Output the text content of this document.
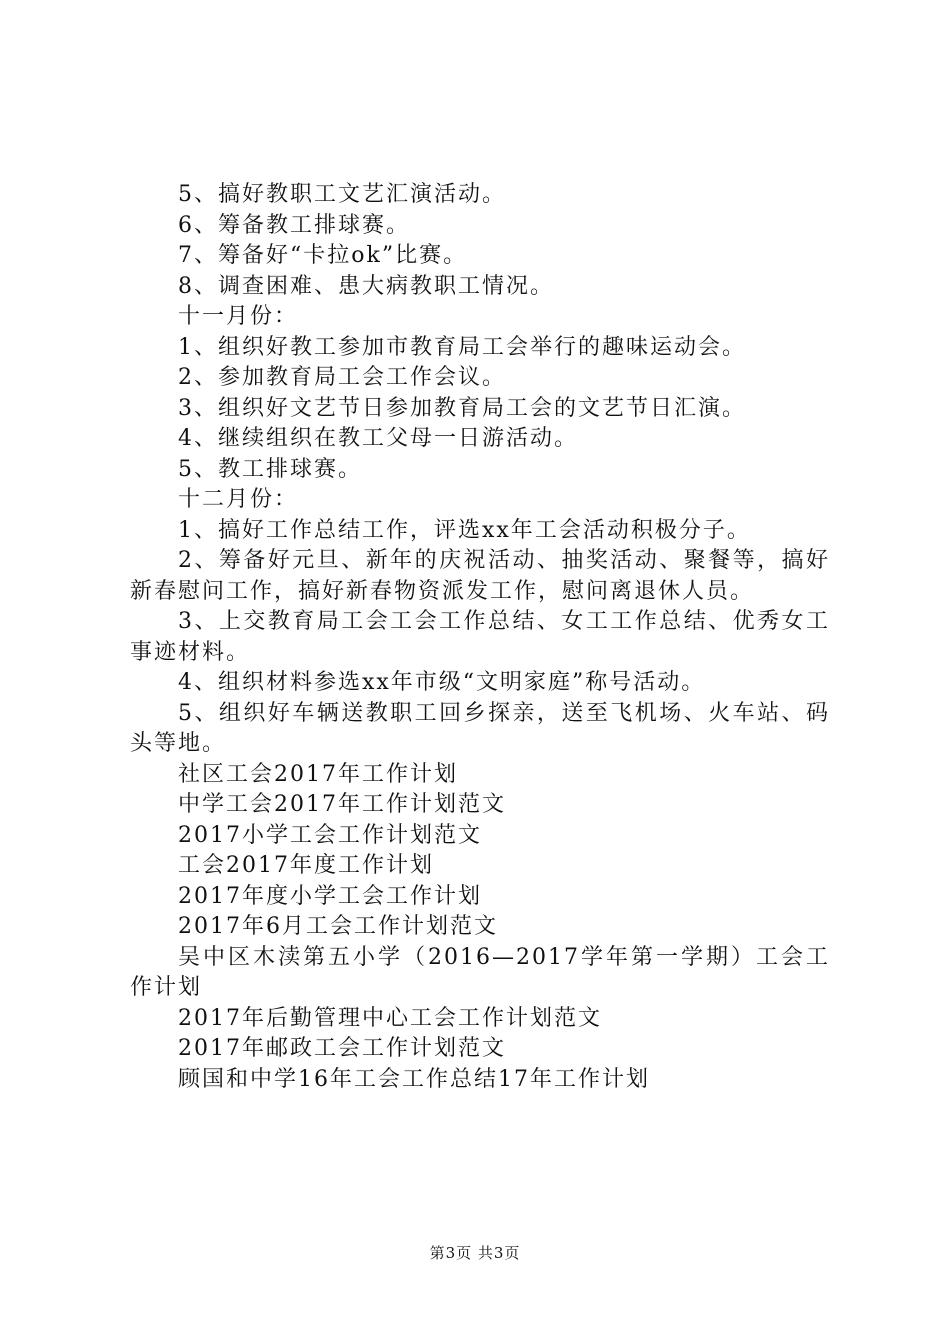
5、搞好教职工文艺汇演活动。

6、筹备教工排球赛。

7、筹备好“卡拉ok”比赛。

8、调查困难、患大病教职工情况。

十一月份：

1、组织好教工参加市教育局工会举行的趣味运动会。

2、参加教育局工会工作会议。

3、组织好文艺节日参加教育局工会的文艺节日汇演。

4、继续组织在教工父母一日游活动。

5、教工排球赛。

十二月份：

1、搞好工作总结工作，评选xx年工会活动积极分子。

2、筹备好元旦、新年的庆祝活动、抽奖活动、聚餐等，搞好新春慰问工作，搞好新春物资派发工作，慰问离退休人员。

3、上交教育局工会工会工作总结、女工工作总结、优秀女工事迹材料。

4、组织材料参选xx年市级“文明家庭”称号活动。

5、组织好车辆送教职工回乡探亲，送至飞机场、火车站、码头等地。

社区工会2017年工作计划

中学工会2017年工作计划范文

2017小学工会工作计划范文

工会2017年度工作计划

2017年度小学工会工作计划

2017年6月工会工作计划范文

吴中区木渎第五小学（2016—2017学年第一学期）工会工作计划

2017年后勤管理中心工会工作计划范文

2017年邮政工会工作计划范文

顾国和中学16年工会工作总结17年工作计划

第3页 共3页
